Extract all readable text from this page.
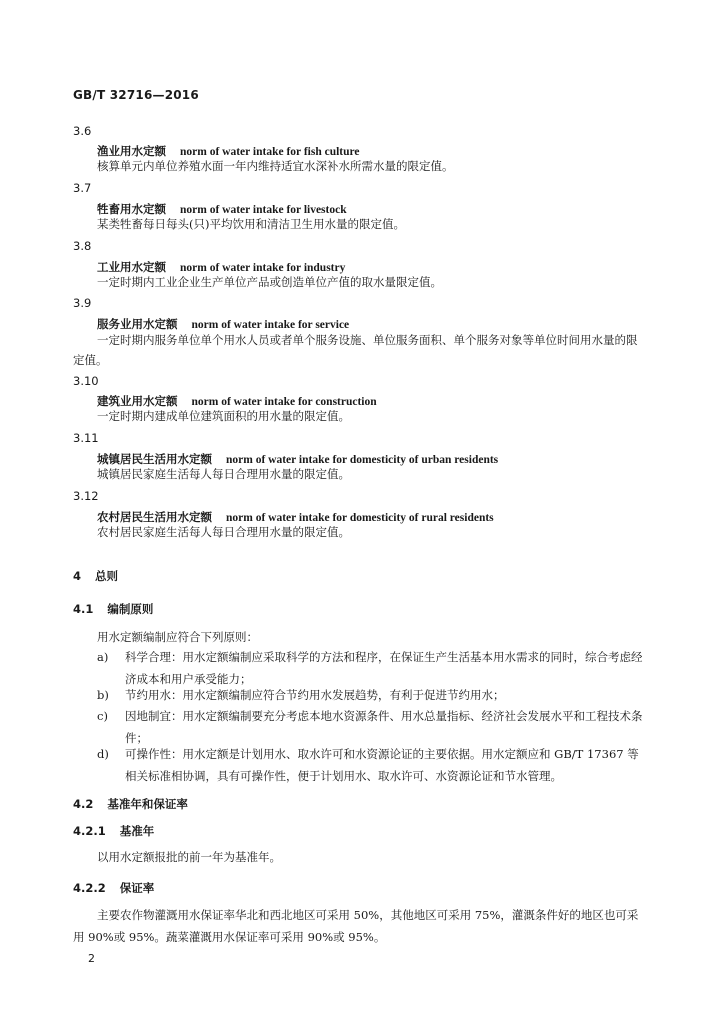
GB/T 32716—2016
3.6
渔业用水定额 norm of water intake for fish culture
核算单元内单位养殖水面一年内维持适宜水深补水所需水量的限定值。
3.7
牲畜用水定额 norm of water intake for livestock
某类牲畜每日每头(只)平均饮用和清洁卫生用水量的限定值。
3.8
工业用水定额 norm of water intake for industry
一定时期内工业企业生产单位产品或创造单位产值的取水量限定值。
3.9
服务业用水定额 norm of water intake for service
一定时期内服务单位单个用水人员或者单个服务设施、单位服务面积、单个服务对象等单位时间用水量的限定值。
3.10
建筑业用水定额 norm of water intake for construction
一定时期内建成单位建筑面积的用水量的限定值。
3.11
城镇居民生活用水定额 norm of water intake for domesticity of urban residents
城镇居民家庭生活每人每日合理用水量的限定值。
3.12
农村居民生活用水定额 norm of water intake for domesticity of rural residents
农村居民家庭生活每人每日合理用水量的限定值。
4 总则
4.1 编制原则
用水定额编制应符合下列原则：
a) 科学合理：用水定额编制应采取科学的方法和程序，在保证生产生活基本用水需求的同时，综合考虑经济成本和用户承受能力；
b) 节约用水：用水定额编制应符合节约用水发展趋势，有利于促进节约用水；
c) 因地制宜：用水定额编制要充分考虑本地水资源条件、用水总量指标、经济社会发展水平和工程技术条件；
d) 可操作性：用水定额是计划用水、取水许可和水资源论证的主要依据。用水定额应和 GB/T 17367 等相关标准相协调，具有可操作性，便于计划用水、取水许可、水资源论证和节水管理。
4.2 基准年和保证率
4.2.1 基准年
以用水定额报批的前一年为基准年。
4.2.2 保证率
主要农作物灌溉用水保证率华北和西北地区可采用 50%，其他地区可采用 75%，灌溉条件好的地区也可采用 90%或 95%。蔬菜灌溉用水保证率可采用 90%或 95%。
2
